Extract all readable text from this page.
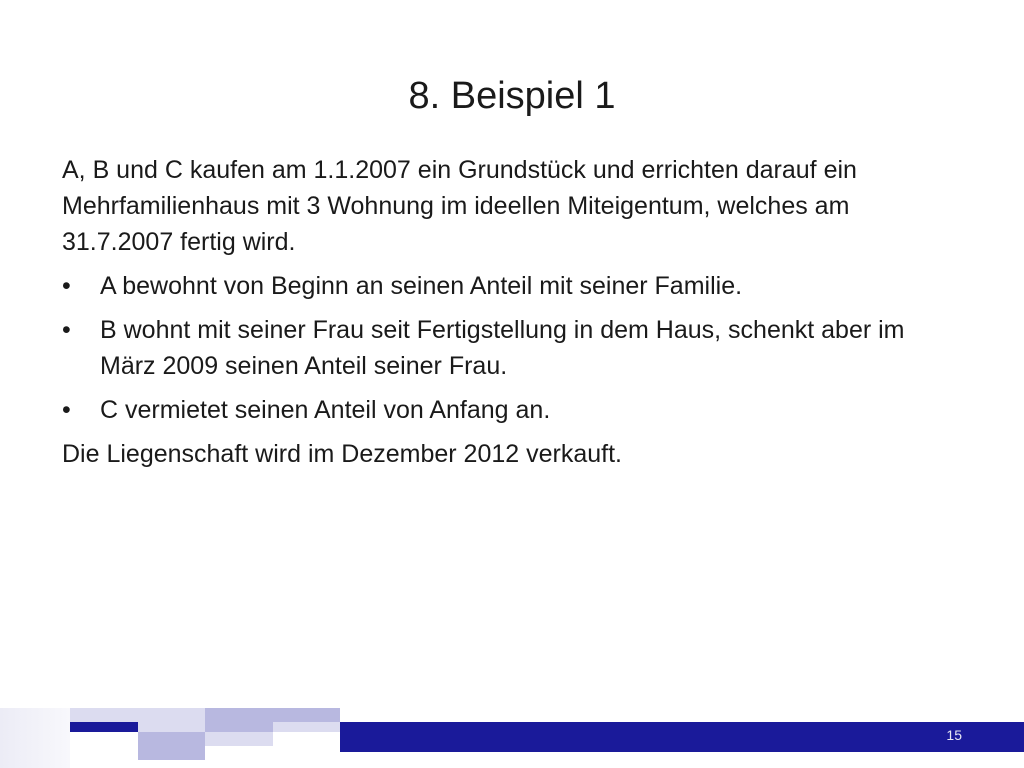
8. Beispiel 1

A, B und C kaufen am 1.1.2007 ein Grundstück und errichten darauf ein Mehrfamilienhaus mit 3 Wohnung im ideellen Miteigentum, welches am 31.7.2007 fertig wird.

• A bewohnt von Beginn an seinen Anteil mit seiner Familie.
• B wohnt mit seiner Frau seit Fertigstellung in dem Haus, schenkt aber im März 2009 seinen Anteil seiner Frau.
• C vermietet seinen Anteil von Anfang an.

Die Liegenschaft wird im Dezember 2012 verkauft.

15
